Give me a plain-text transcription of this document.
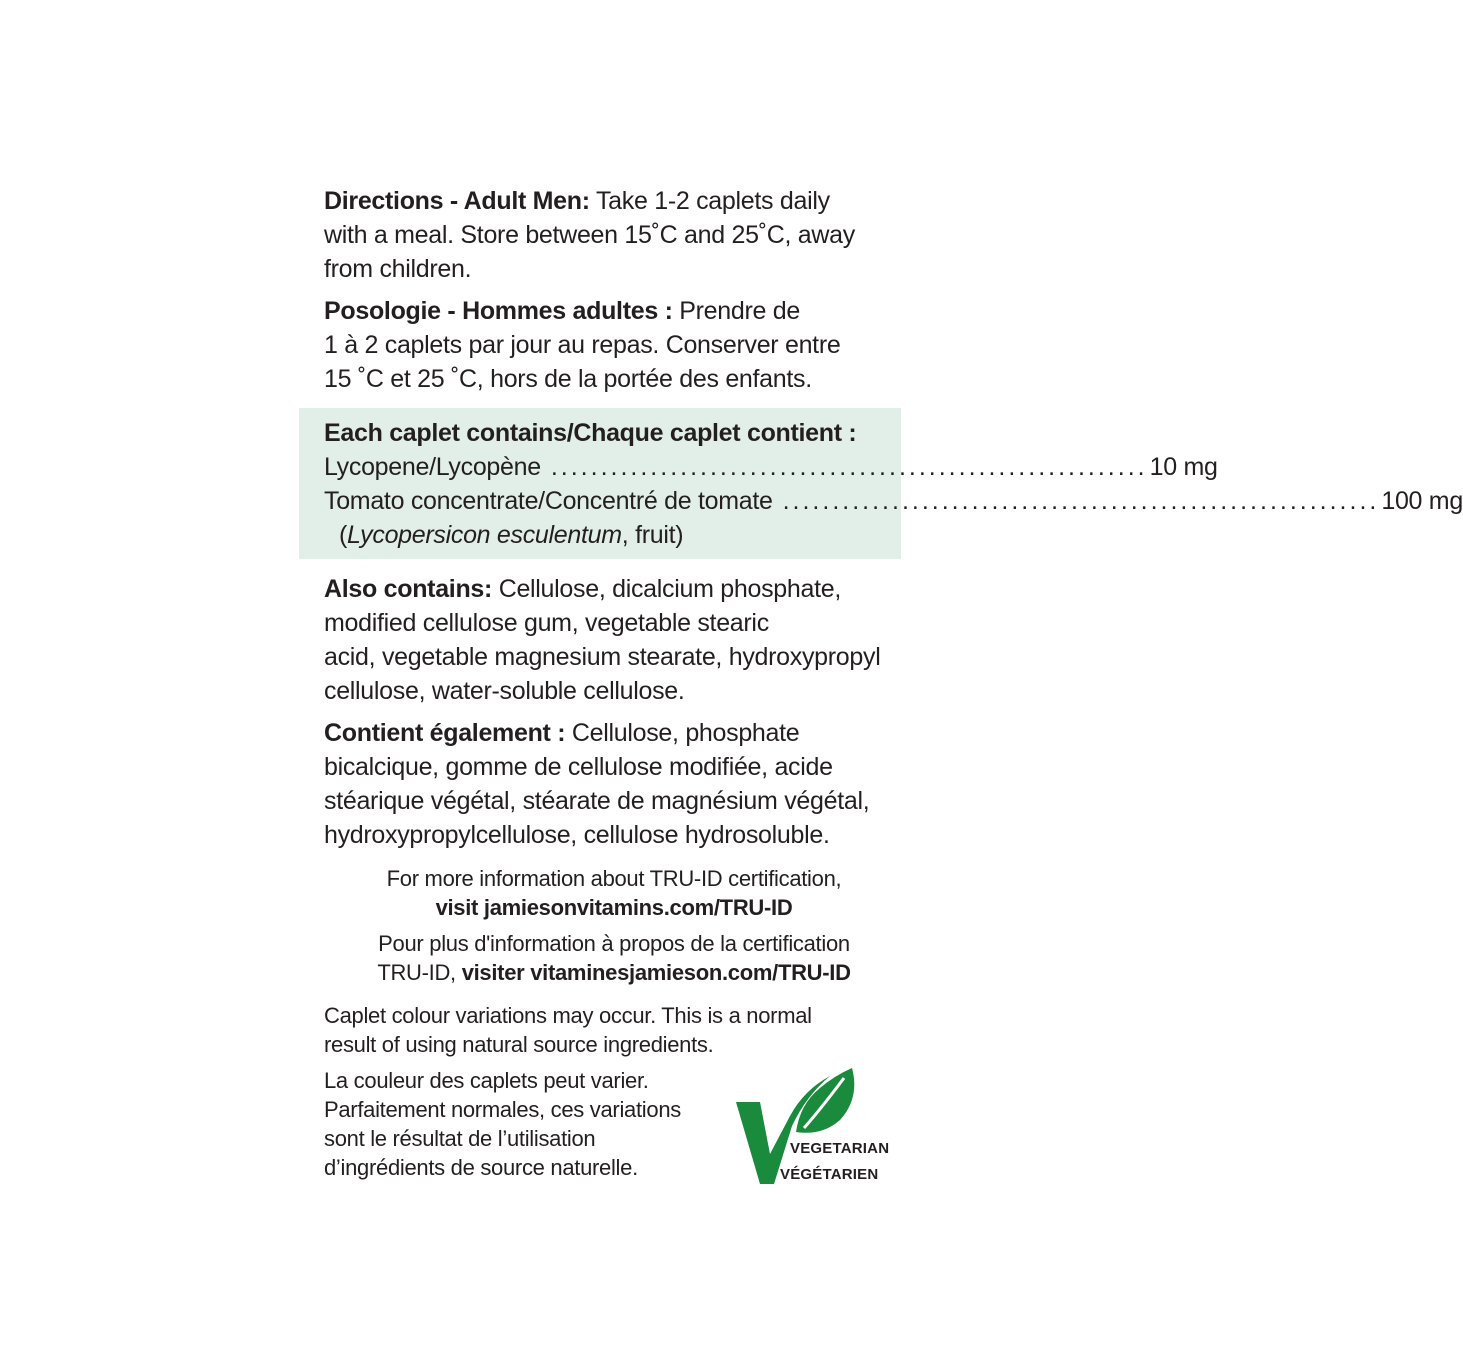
Directions - Adult Men: Take 1-2 caplets daily
with a meal. Store between 15˚C and 25˚C, away
from children.
Posologie - Hommes adultes : Prendre de
1 à 2 caplets par jour au repas. Conserver entre
15 ˚C et 25 ˚C, hors de la portée des enfants.
Each caplet contains/Chaque caplet contient :
Lycopene/Lycopène ............................................................ 10 mg
Tomato concentrate/Concentré de tomate ............................................................ 100 mg
(Lycopersicon esculentum, fruit)
Also contains: Cellulose, dicalcium phosphate,
modified cellulose gum, vegetable stearic
acid, vegetable magnesium stearate, hydroxypropyl
cellulose, water-soluble cellulose.
Contient également : Cellulose, phosphate
bicalcique, gomme de cellulose modifiée, acide
stéarique végétal, stéarate de magnésium végétal,
hydroxypropylcellulose, cellulose hydrosoluble.
For more information about TRU-ID certification,
visit jamiesonvitamins.com/TRU-ID
Pour plus d'information à propos de la certification
TRU-ID, visiter vitaminesjamieson.com/TRU-ID
Caplet colour variations may occur. This is a normal
result of using natural source ingredients.
La couleur des caplets peut varier.
Parfaitement normales, ces variations
sont le résultat de l’utilisation
d’ingrédients de source naturelle.
VEGETARIAN
VÉGÉTARIEN
